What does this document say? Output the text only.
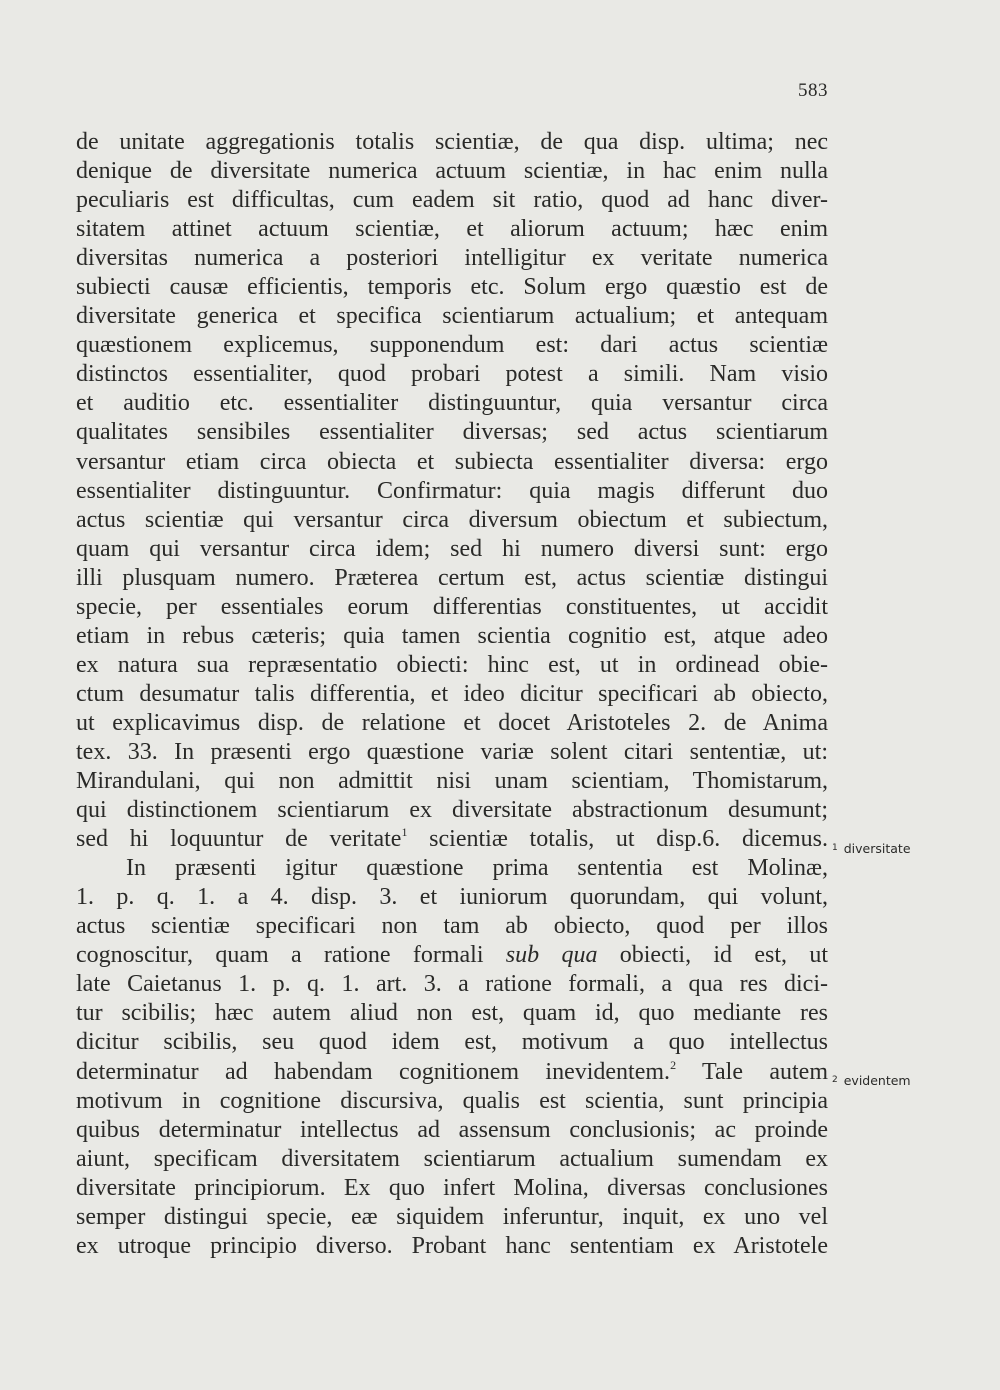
583
de unitate aggregationis totalis scientiæ, de qua disp. ultima; nec
denique de diversitate numerica actuum scientiæ, in hac enim nulla
peculiaris est difficultas, cum eadem sit ratio, quod ad hanc diver-
sitatem attinet actuum scientiæ, et aliorum actuum; hæc enim
diversitas numerica a posteriori intelligitur ex veritate numerica
subiecti causæ efficientis, temporis etc. Solum ergo quæstio est de
diversitate generica et specifica scientiarum actualium; et antequam
quæstionem explicemus, supponendum est: dari actus scientiæ
distinctos essentialiter, quod probari potest a simili. Nam visio
et auditio etc. essentialiter distinguuntur, quia versantur circa
qualitates sensibiles essentialiter diversas; sed actus scientiarum
versantur etiam circa obiecta et subiecta essentialiter diversa: ergo
essentialiter distinguuntur. Confirmatur: quia magis differunt duo
actus scientiæ qui versantur circa diversum obiectum et subiectum,
quam qui versantur circa idem; sed hi numero diversi sunt: ergo
illi plusquam numero. Præterea certum est, actus scientiæ distingui
specie, per essentiales eorum differentias constituentes, ut accidit
etiam in rebus cæteris; quia tamen scientia cognitio est, atque adeo
ex natura sua repræsentatio obiecti: hinc est, ut in ordinead obie-
ctum desumatur talis differentia, et ideo dicitur specificari ab obiecto,
ut explicavimus disp. de relatione et docet Aristoteles 2. de Anima
tex. 33. In præsenti ergo quæstione variæ solent citari sententiæ, ut:
Mirandulani, qui non admittit nisi unam scientiam, Thomistarum,
qui distinctionem scientiarum ex diversitate abstractionum desumunt;
sed hi loquuntur de veritate$^1$ scientiæ totalis, ut disp.6. dicemus.
In præsenti igitur quæstione prima sententia est Molinæ,
1. p. q. 1. a 4. disp. 3. et iuniorum quorundam, qui volunt,
actus scientiæ specificari non tam ab obiecto, quod per illos
cognoscitur, quam a ratione formali sub qua obiecti, id est, ut
late Caietanus 1. p. q. 1. art. 3. a ratione formali, a qua res dici-
tur scibilis; hæc autem aliud non est, quam id, quo mediante res
dicitur scibilis, seu quod idem est, motivum a quo intellectus
determinatur ad habendam cognitionem inevidentem.$^2$ Tale autem
motivum in cognitione discursiva, qualis est scientia, sunt principia
quibus determinatur intellectus ad assensum conclusionis; ac proinde
aiunt, specificam diversitatem scientiarum actualium sumendam ex
diversitate principiorum. Ex quo infert Molina, diversas conclusiones
semper distingui specie, eæ siquidem inferuntur, inquit, ex uno vel
ex utroque principio diverso. Probant hanc sententiam ex Aristotele
$^1$ diversitate
$^2$ evidentem
